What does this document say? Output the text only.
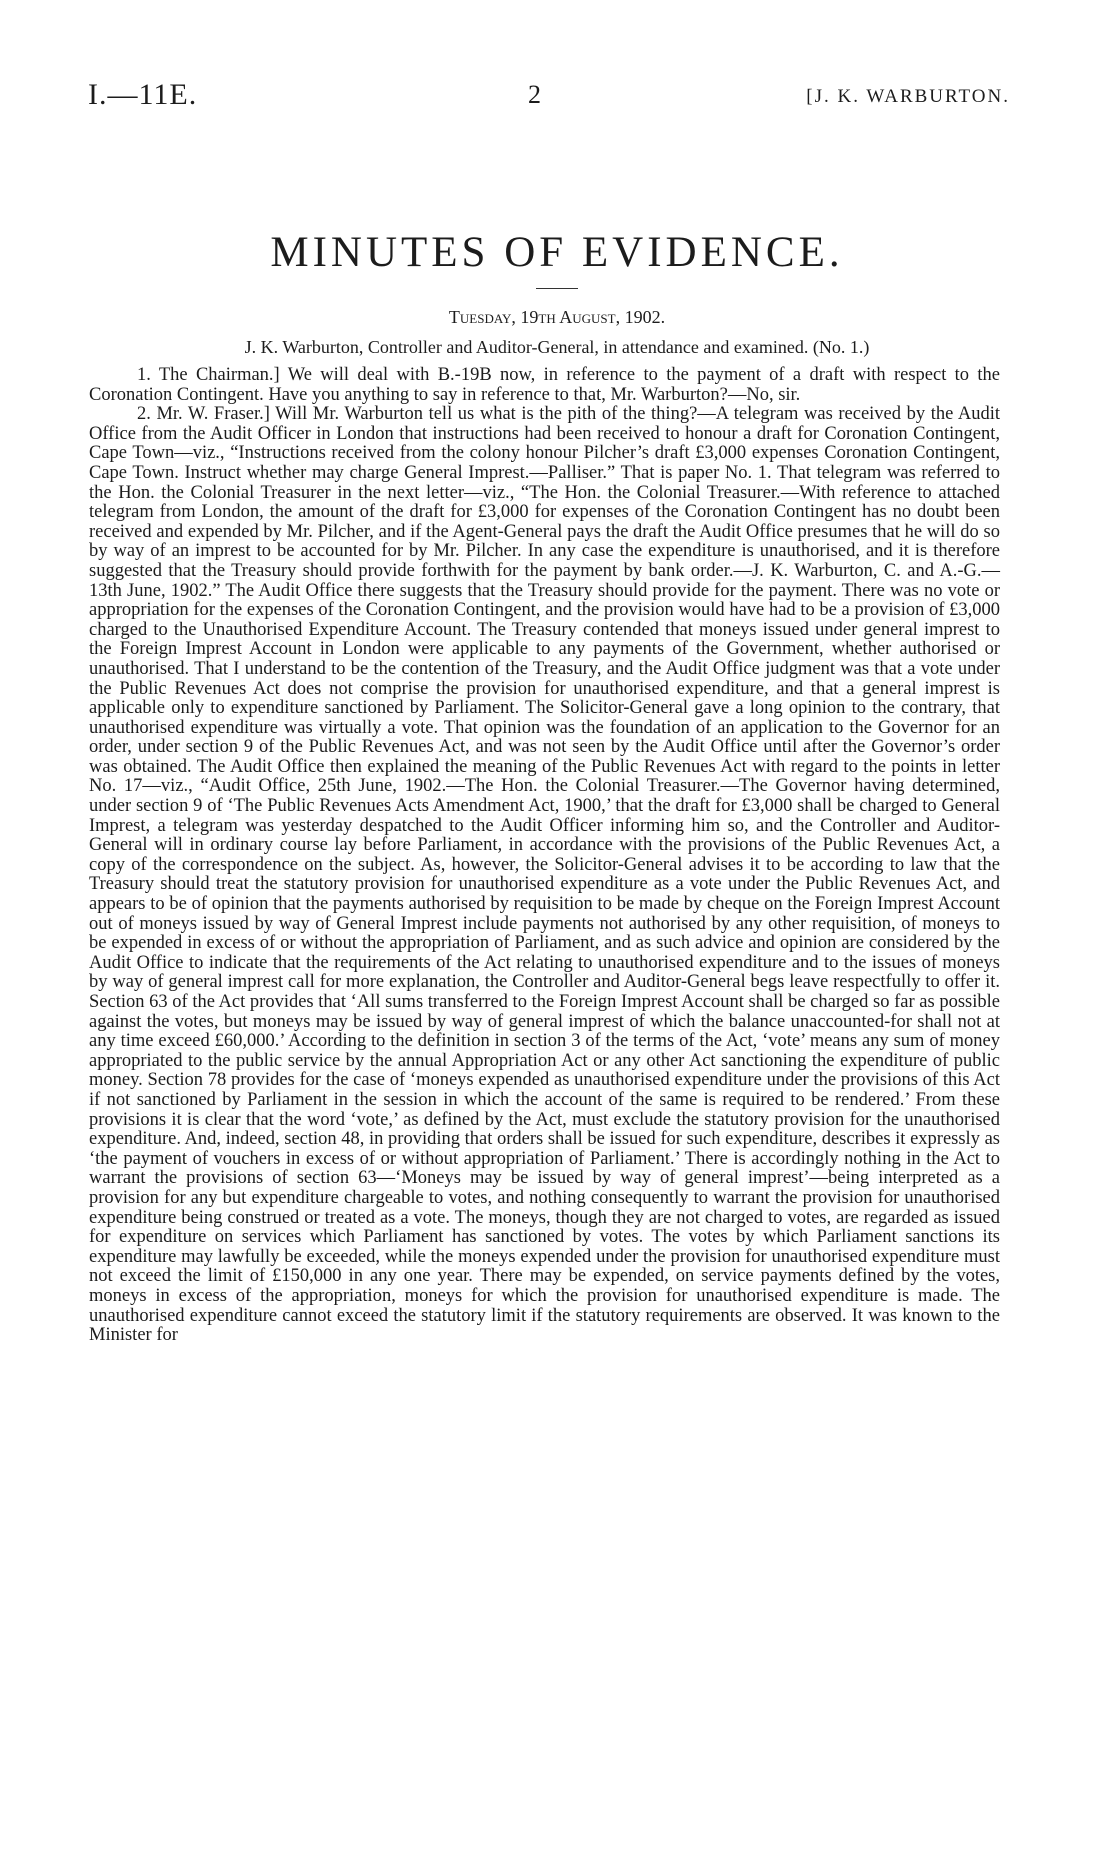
I.—11E.	2	[J. K. WARBURTON.
MINUTES OF EVIDENCE.
Tuesday, 19th August, 1902.
J. K. Warburton, Controller and Auditor-General, in attendance and examined. (No. 1.)

1. The Chairman.] We will deal with B.-19B now, in reference to the payment of a draft with respect to the Coronation Contingent. Have you anything to say in reference to that, Mr. Warburton?—No, sir.

2. Mr. W. Fraser.] Will Mr. Warburton tell us what is the pith of the thing?—A telegram was received by the Audit Office from the Audit Officer in London that instructions had been received to honour a draft for Coronation Contingent, Cape Town—viz., “Instructions received from the colony honour Pilcher’s draft £3,000 expenses Coronation Contingent, Cape Town. Instruct whether may charge General Imprest.—Palliser.” That is paper No. 1. That telegram was referred to the Hon. the Colonial Treasurer in the next letter—viz., “The Hon. the Colonial Treasurer.—With reference to attached telegram from London, the amount of the draft for £3,000 for expenses of the Coronation Contingent has no doubt been received and expended by Mr. Pilcher, and if the Agent-General pays the draft the Audit Office presumes that he will do so by way of an imprest to be accounted for by Mr. Pilcher. In any case the expenditure is unauthorised, and it is therefore suggested that the Treasury should provide forthwith for the payment by bank order.—J. K. Warburton, C. and A.-G.—13th June, 1902.” The Audit Office there suggests that the Treasury should provide for the payment. There was no vote or appropriation for the expenses of the Coronation Contingent, and the provision would have had to be a provision of £3,000 charged to the Unauthorised Expenditure Account. The Treasury contended that moneys issued under general imprest to the Foreign Imprest Account in London were applicable to any payments of the Government, whether authorised or unauthorised. That I understand to be the contention of the Treasury, and the Audit Office judgment was that a vote under the Public Revenues Act does not comprise the provision for unauthorised expenditure, and that a general imprest is applicable only to expenditure sanctioned by Parliament. The Solicitor-General gave a long opinion to the contrary, that unauthorised expenditure was virtually a vote. That opinion was the foundation of an application to the Governor for an order, under section 9 of the Public Revenues Act, and was not seen by the Audit Office until after the Governor’s order was obtained. The Audit Office then explained the meaning of the Public Revenues Act with regard to the points in letter No. 17—viz., “Audit Office, 25th June, 1902.—The Hon. the Colonial Treasurer.—The Governor having determined, under section 9 of ‘The Public Revenues Acts Amendment Act, 1900,’ that the draft for £3,000 shall be charged to General Imprest, a telegram was yesterday despatched to the Audit Officer informing him so, and the Controller and Auditor-General will in ordinary course lay before Parliament, in accordance with the provisions of the Public Revenues Act, a copy of the correspondence on the subject. As, however, the Solicitor-General advises it to be according to law that the Treasury should treat the statutory provision for unauthorised expenditure as a vote under the Public Revenues Act, and appears to be of opinion that the payments authorised by requisition to be made by cheque on the Foreign Imprest Account out of moneys issued by way of General Imprest include payments not authorised by any other requisition, of moneys to be expended in excess of or without the appropriation of Parliament, and as such advice and opinion are considered by the Audit Office to indicate that the requirements of the Act relating to unauthorised expenditure and to the issues of moneys by way of general imprest call for more explanation, the Controller and Auditor-General begs leave respectfully to offer it. Section 63 of the Act provides that ‘All sums transferred to the Foreign Imprest Account shall be charged so far as possible against the votes, but moneys may be issued by way of general imprest of which the balance unaccounted-for shall not at any time exceed £60,000.’ According to the definition in section 3 of the terms of the Act, ‘vote’ means any sum of money appropriated to the public service by the annual Appropriation Act or any other Act sanctioning the expenditure of public money. Section 78 provides for the case of ‘moneys expended as unauthorised expenditure under the provisions of this Act if not sanctioned by Parliament in the session in which the account of the same is required to be rendered.’ From these provisions it is clear that the word ‘vote,’ as defined by the Act, must exclude the statutory provision for the unauthorised expenditure. And, indeed, section 48, in providing that orders shall be issued for such expenditure, describes it expressly as ‘the payment of vouchers in excess of or without appropriation of Parliament.’ There is accordingly nothing in the Act to warrant the provisions of section 63—‘Moneys may be issued by way of general imprest’—being interpreted as a provision for any but expenditure chargeable to votes, and nothing consequently to warrant the provision for unauthorised expenditure being construed or treated as a vote. The moneys, though they are not charged to votes, are regarded as issued for expenditure on services which Parliament has sanctioned by votes. The votes by which Parliament sanctions its expenditure may lawfully be exceeded, while the moneys expended under the provision for unauthorised expenditure must not exceed the limit of £150,000 in any one year. There may be expended, on service payments defined by the votes, moneys in excess of the appropriation, moneys for which the provision for unauthorised expenditure is made. The unauthorised expenditure cannot exceed the statutory limit if the statutory requirements are observed. It was known to the Minister for
